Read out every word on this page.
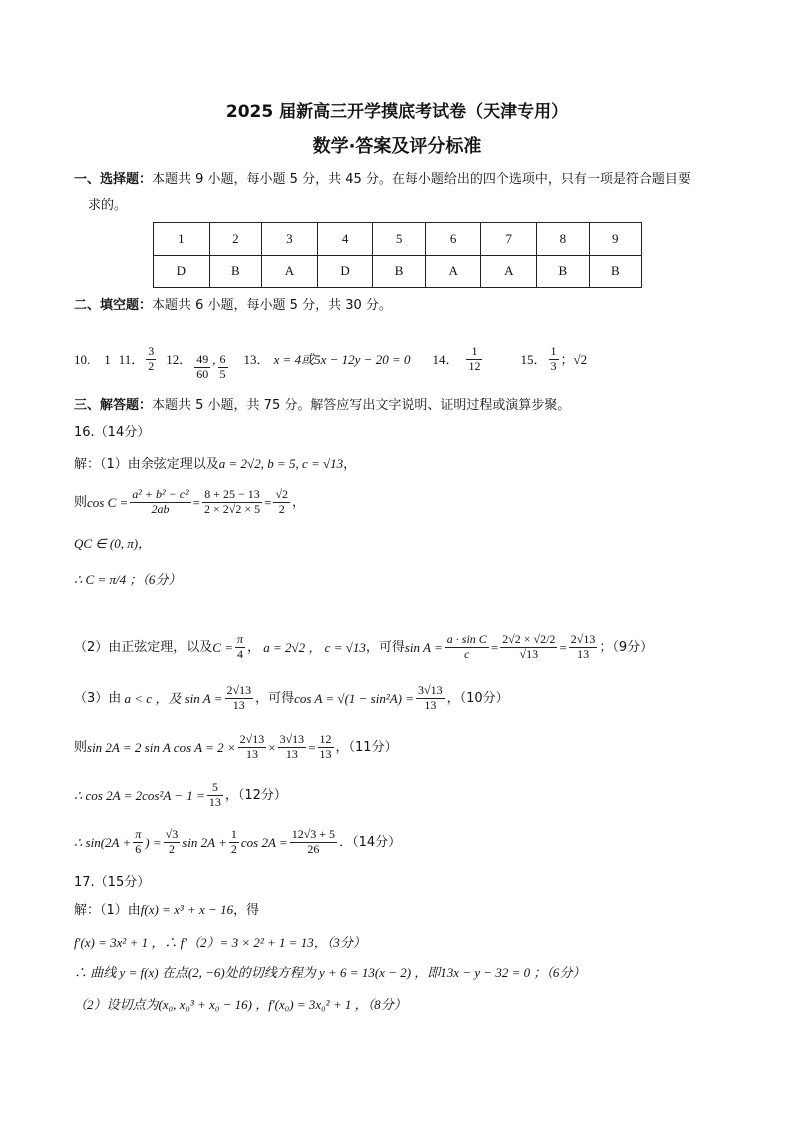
2025 届新高三开学摸底考试卷（天津专用）
数学·答案及评分标准
一、选择题：本题共 9 小题，每小题 5 分，共 45 分。在每小题给出的四个选项中，只有一项是符合题目要
求的。
1	2	3	4	5	6	7	8	9
D	B	A	D	B	A	A	B	B
二、填空题：本题共 6 小题，每小题 5 分，共 30 分。
10. 1 11． $\frac{3}{2} 12$． $\frac{49}{60}$ , $\frac{6}{5} 13$． x = 4或5x − 12y − 20 = 0 14． $\frac{1}{12}$	15． $\frac{1}{3}$ ；√2
三、解答题：本题共 5 小题，共 75 分。解答应写出文字说明、证明过程或演算步聚。
16.（14分）
解：（1）由余弦定理以及a = 2√2, b = 5, c = √13，
则 $\cos C = \frac{\text{a² + b² − c²}}{2ab} = \frac{8 + 25 - 13}{2 \times 2√2 \times 5} = \frac{√2}{2}$ ，
QC ∈ (0, π)，
∴ C = π/4 ；（6分）
（2）由正弦定理，以及 $C = \frac{\pi}{4}$ ， a = 2√2 ， c = √13 ，可得 $\sin A = \frac{\text{a · sin C}}{c} = \frac{2√2 \times √2/2}{√13} = \frac{2√13}{13}$ ；（9分）
（3）由 a < c ，及 $\sin A = \frac{2√13}{13}$ ，可得 $\cos A = √(1 - \sin^2A) = \frac{3√13}{13}$ ，（10分）
则 sin 2A = 2 sin A $\cos A = 2 \times \frac{2√13}{13} \times \frac{3√13}{13} = \frac{12}{13}$ ，（11分）
∴ $\cos 2A = 2\cos^2A - 1 = \frac{5}{13}$ ，（12分）
∴ $\sin(2A + \frac{\pi}{6}$ ) = $\frac{√3}{2}$ $\sin 2A + \frac{1}{2}$ $\cos 2A = \frac{12√3 + 5}{26}$ ．（14分）
17.（15分）
解：（1）由f(x) = x³ + x − 16，得
f′(x) = 3x² + 1 ，∴ f′（2）= 3 × 2² + 1 = 13，（3分）
∴ 曲线 y = f(x) 在点(2, −6)处的切线方程为 y + 6 = 13(x − 2) ，即13x − y − 32 = 0 ；（6分）
（2）设切点为(x₀, x₀³ + x₀ − 16) ，f′(x₀) = 3x₀² + 1 ，（8分）
